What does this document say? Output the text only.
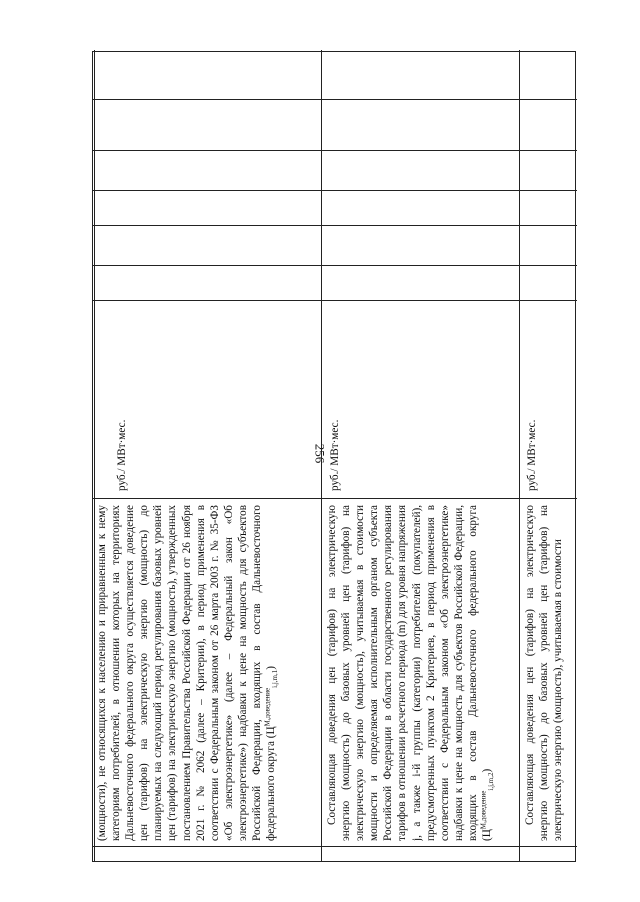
256
(мощности), не относящихся к населению и приравненным к нему категориям потребителей, в отношении которых на территориях Дальневосточного федерального округа осуществляется доведение цен (тарифов) на электрическую энергию (мощность) до планируемых на следующий период регулирования базовых уровней цен (тарифов) на электрическую энергию (мощность), утвержденных постановлением Правительства Российской Федерации от 26 ноября 2021 г. № 2062 (далее – Критерии), в период применения в соответствии с Федеральным законом от 26 марта 2003 г. № 35-ФЗ «Об электроэнергетике» (далее – Федеральный закон «Об электроэнергетике») надбавки к цене на мощность для субъектов Российской Федерации, входящих в состав Дальневосточного федерального округа $(Ц^{М,доведение}_{i,j,m,1})$
руб./ МВт·мес.
Составляющая доведения цен (тарифов) на электрическую энергию (мощность) до базовых уровней цен (тарифов) на электрическую энергию (мощность), учитываемая в стоимости мощности и определяемая исполнительным органом субъекта Российской Федерации в области государственного регулирования тарифов в отношении расчетного периода (m) для уровня напряжения j, а также i-й группы (категории) потребителей (покупателей), предусмотренных пунктом 2 Критериев, в период применения в соответствии с Федеральным законом «Об электроэнергетике» надбавки к цене на мощность для субъектов Российской Федерации, входящих в состав Дальневосточного федерального округа $(Ц^{М,доведение}_{i,j,m,2})$
руб./ МВт·мес.
Составляющая доведения цен (тарифов) на электрическую энергию (мощность) до базовых уровней цен (тарифов) на электрическую энергию (мощность), учитываемая в стоимости
руб./ МВт·мес.
